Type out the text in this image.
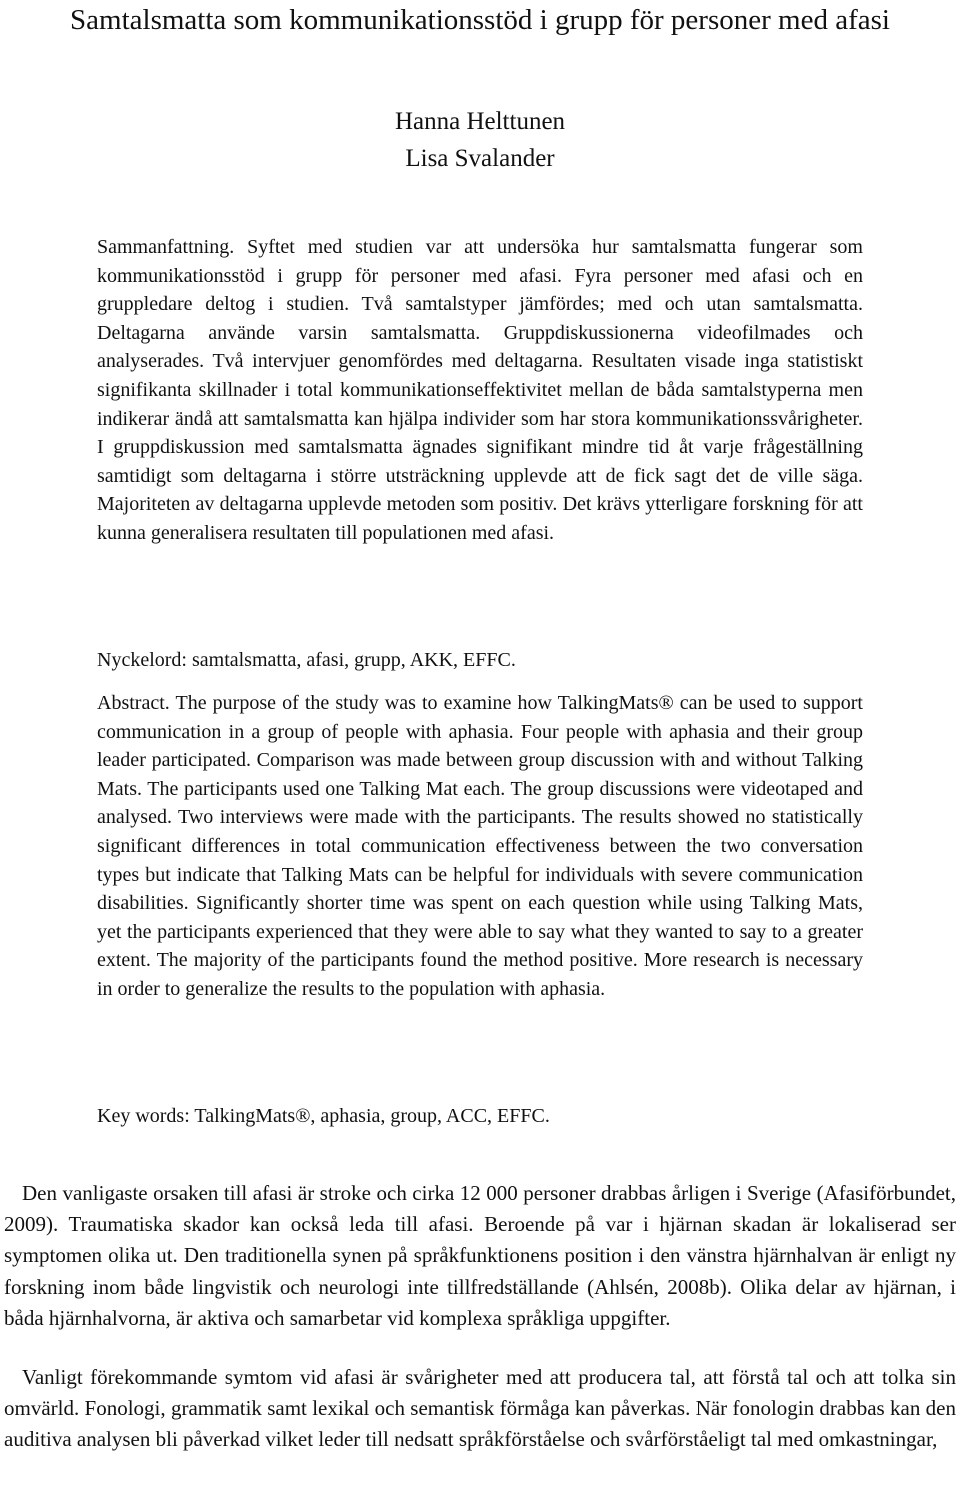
Samtalsmatta som kommunikationsstöd i grupp för personer med afasi
Hanna Helttunen
Lisa Svalander

Sammanfattning. Syftet med studien var att undersöka hur samtalsmatta fungerar som kommunikationsstöd i grupp för personer med afasi. Fyra personer med afasi och en gruppledare deltog i studien. Två samtalstyper jämfördes; med och utan samtalsmatta. Deltagarna använde varsin samtalsmatta. Gruppdiskussionerna videofilmades och analyserades. Två intervjuer genomfördes med deltagarna. Resultaten visade inga statistiskt signifikanta skillnader i total kommunikationseffektivitet mellan de båda samtalstyperna men indikerar ändå att samtalsmatta kan hjälpa individer som har stora kommunikationssvårigheter. I gruppdiskussion med samtalsmatta ägnades signifikant mindre tid åt varje frågeställning samtidigt som deltagarna i större utsträckning upplevde att de fick sagt det de ville säga. Majoriteten av deltagarna upplevde metoden som positiv. Det krävs ytterligare forskning för att kunna generalisera resultaten till populationen med afasi.

Nyckelord: samtalsmatta, afasi, grupp, AKK, EFFC.

Abstract. The purpose of the study was to examine how TalkingMats® can be used to support communication in a group of people with aphasia. Four people with aphasia and their group leader participated. Comparison was made between group discussion with and without Talking Mats. The participants used one Talking Mat each. The group discussions were videotaped and analysed. Two interviews were made with the participants. The results showed no statistically significant differences in total communication effectiveness between the two conversation types but indicate that Talking Mats can be helpful for individuals with severe communication disabilities. Significantly shorter time was spent on each question while using Talking Mats, yet the participants experienced that they were able to say what they wanted to say to a greater extent. The majority of the participants found the method positive. More research is necessary in order to generalize the results to the population with aphasia.

Key words: TalkingMats®, aphasia, group, ACC, EFFC.

Den vanligaste orsaken till afasi är stroke och cirka 12 000 personer drabbas årligen i Sverige (Afasiförbundet, 2009). Traumatiska skador kan också leda till afasi. Beroende på var i hjärnan skadan är lokaliserad ser symptomen olika ut. Den traditionella synen på språkfunktionens position i den vänstra hjärnhalvan är enligt ny forskning inom både lingvistik och neurologi inte tillfredställande (Ahlsén, 2008b). Olika delar av hjärnan, i båda hjärnhalvorna, är aktiva och samarbetar vid komplexa språkliga uppgifter.

Vanligt förekommande symtom vid afasi är svårigheter med att producera tal, att förstå tal och att tolka sin omvärld. Fonologi, grammatik samt lexikal och semantisk förmåga kan påverkas. När fonologin drabbas kan den auditiva analysen bli påverkad vilket leder till nedsatt språkförståelse och svårförståeligt tal med omkastningar,
